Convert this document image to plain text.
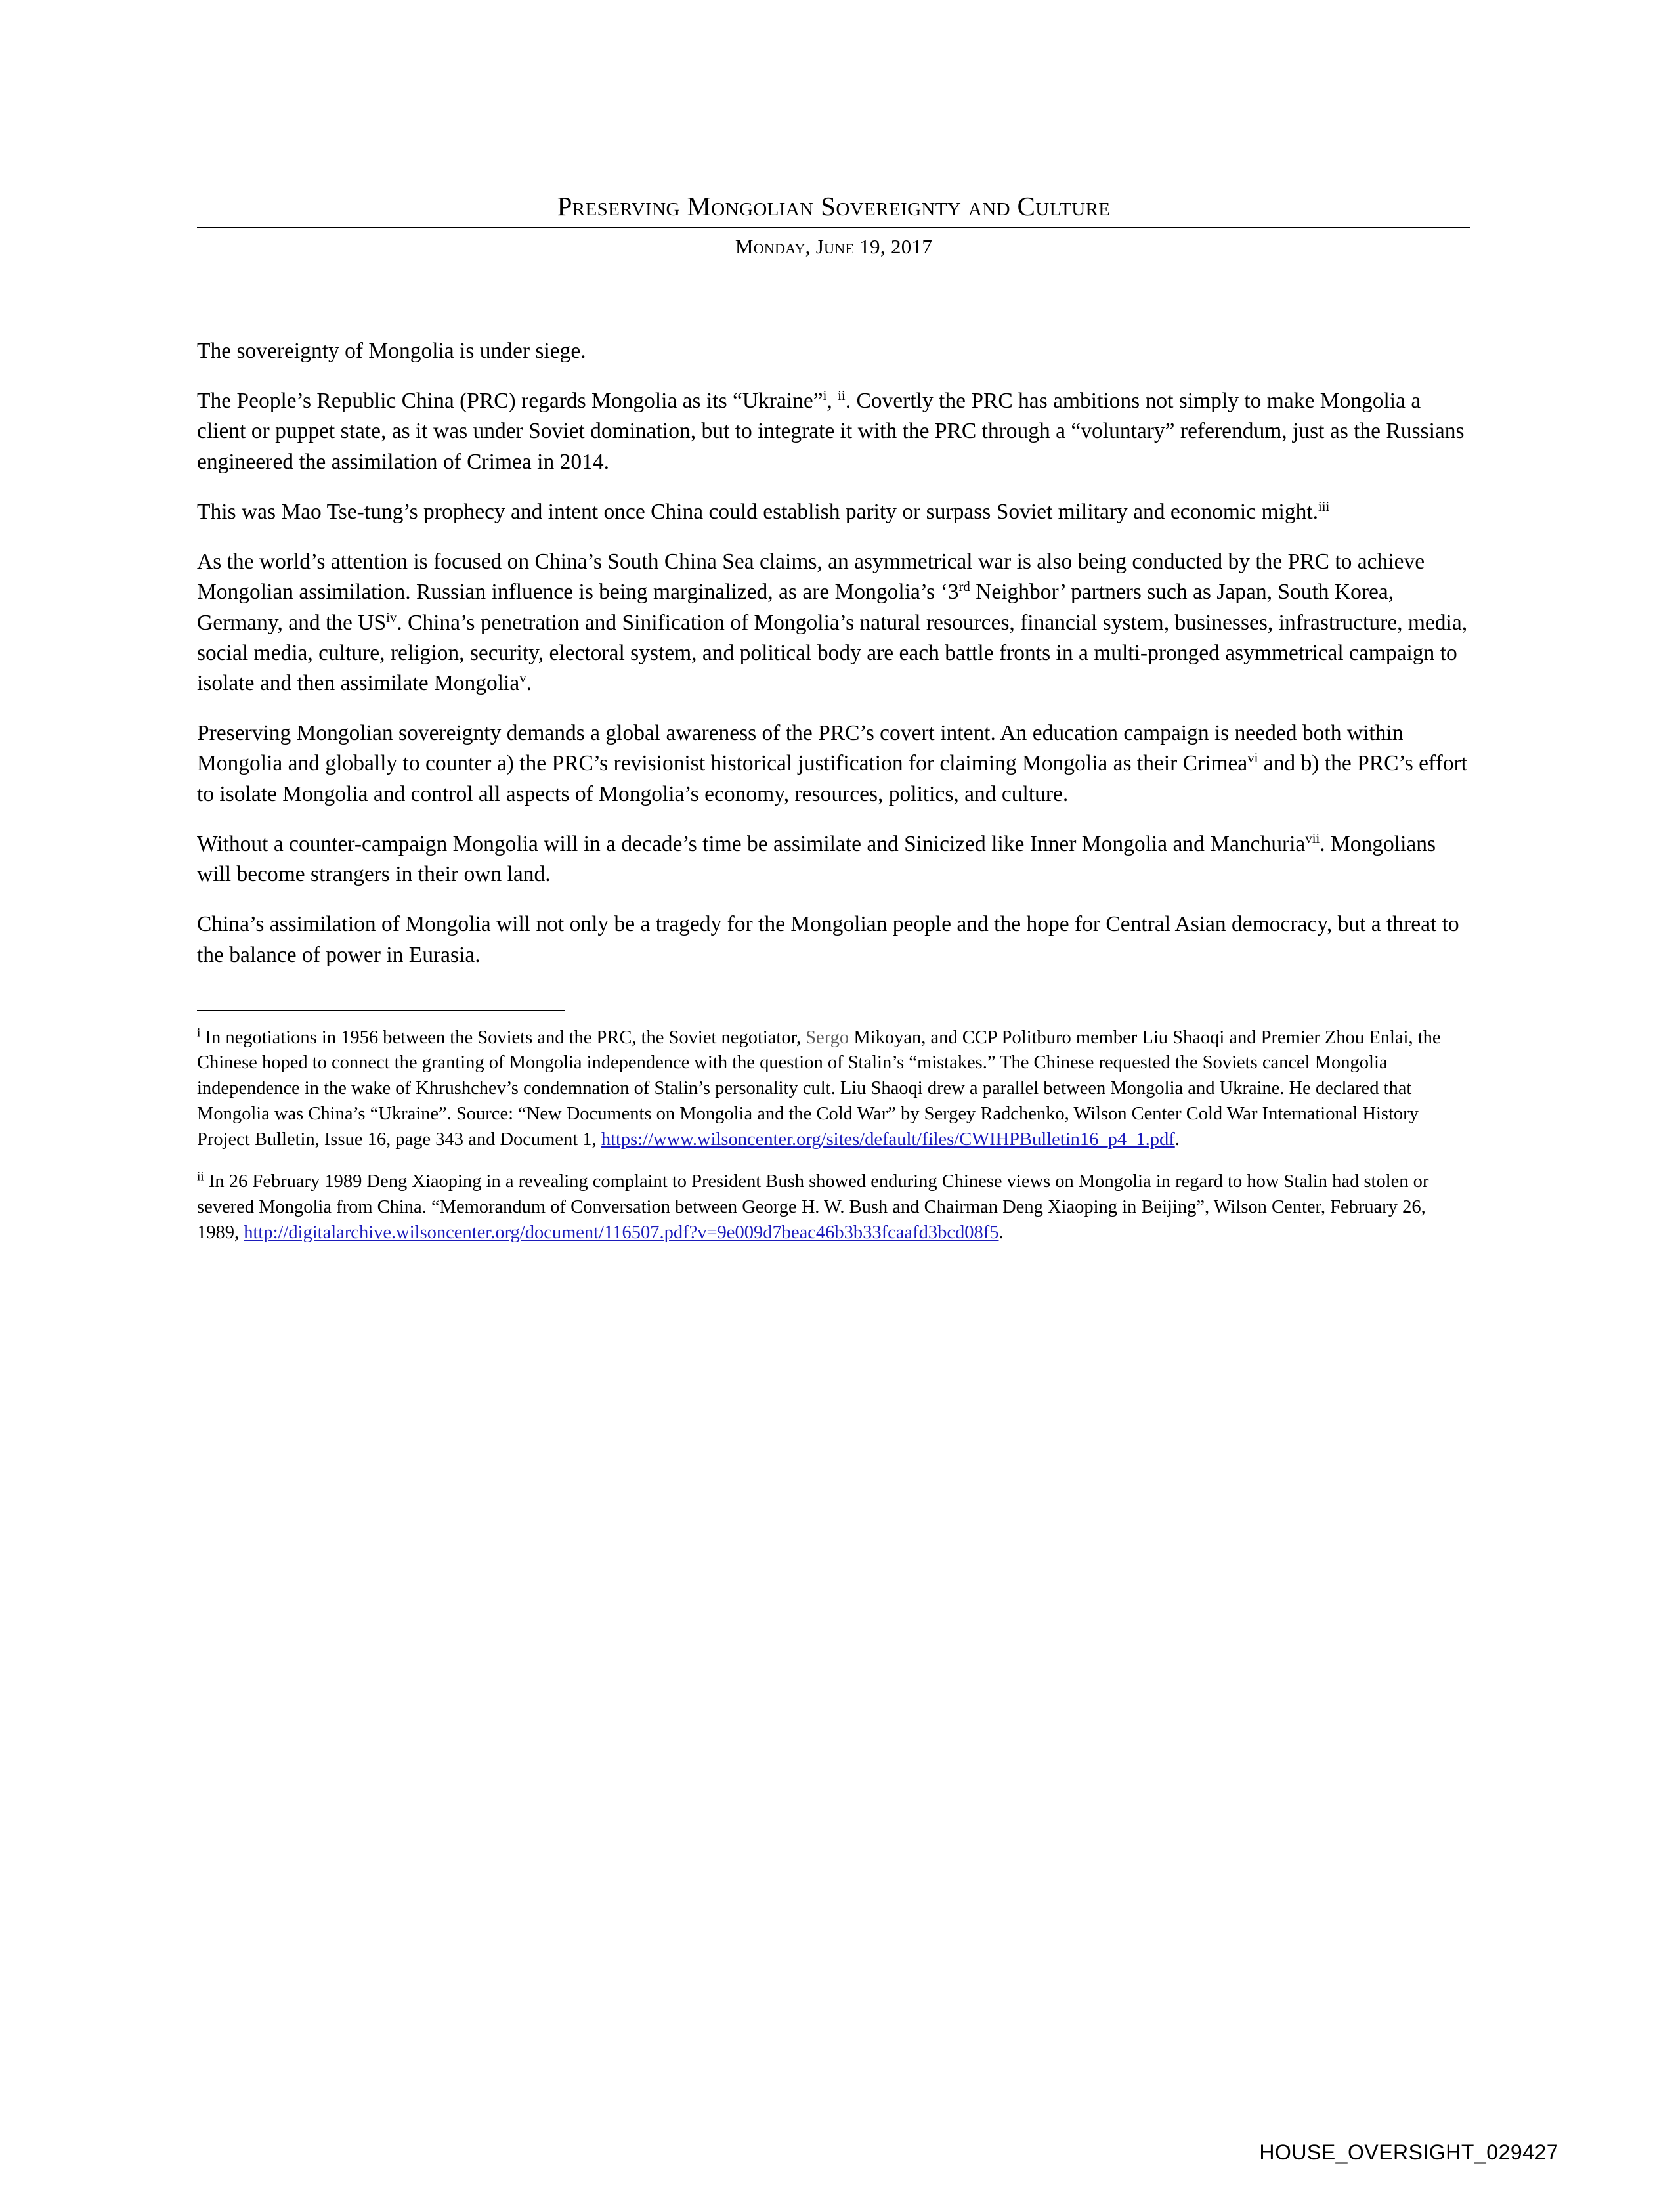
Preserving Mongolian Sovereignty and Culture
Monday, June 19, 2017

The sovereignty of Mongolia is under siege.

The People’s Republic China (PRC) regards Mongolia as its “Ukraine”$^i$, $^{ii}$. Covertly the PRC has ambitions not simply to make Mongolia a client or puppet state, as it was under Soviet domination, but to integrate it with the PRC through a “voluntary” referendum, just as the Russians engineered the assimilation of Crimea in 2014.

This was Mao Tse-tung’s prophecy and intent once China could establish parity or surpass Soviet military and economic might.$^{iii}$

As the world’s attention is focused on China’s South China Sea claims, an asymmetrical war is also being conducted by the PRC to achieve Mongolian assimilation. Russian influence is being marginalized, as are Mongolia’s ‘3rd Neighbor’ partners such as Japan, South Korea, Germany, and the US$^{iv}$. China’s penetration and Sinification of Mongolia’s natural resources, financial system, businesses, infrastructure, media, social media, culture, religion, security, electoral system, and political body are each battle fronts in a multi-pronged asymmetrical campaign to isolate and then assimilate Mongolia$^v$.

Preserving Mongolian sovereignty demands a global awareness of the PRC’s covert intent. An education campaign is needed both within Mongolia and globally to counter a) the PRC’s revisionist historical justification for claiming Mongolia as their Crimea$^{vi}$ and b) the PRC’s effort to isolate Mongolia and control all aspects of Mongolia’s economy, resources, politics, and culture.

Without a counter-campaign Mongolia will in a decade’s time be assimilate and Sinicized like Inner Mongolia and Manchuria$^{vii}$. Mongolians will become strangers in their own land.

China’s assimilation of Mongolia will not only be a tragedy for the Mongolian people and the hope for Central Asian democracy, but a threat to the balance of power in Eurasia.

$^i$ In negotiations in 1956 between the Soviets and the PRC, the Soviet negotiator, Sergo Mikoyan, and CCP Politburo member Liu Shaoqi and Premier Zhou Enlai, the Chinese hoped to connect the granting of Mongolia independence with the question of Stalin’s “mistakes.” The Chinese requested the Soviets cancel Mongolia independence in the wake of Khrushchev’s condemnation of Stalin’s personality cult. Liu Shaoqi drew a parallel between Mongolia and Ukraine. He declared that Mongolia was China’s “Ukraine”. Source: “New Documents on Mongolia and the Cold War” by Sergey Radchenko, Wilson Center Cold War International History Project Bulletin, Issue 16, page 343 and Document 1, https://www.wilsoncenter.org/sites/default/files/CWIHPBulletin16_p4_1.pdf.

$^{ii}$ In 26 February 1989 Deng Xiaoping in a revealing complaint to President Bush showed enduring Chinese views on Mongolia in regard to how Stalin had stolen or severed Mongolia from China. “Memorandum of Conversation between George H. W. Bush and Chairman Deng Xiaoping in Beijing”, Wilson Center, February 26, 1989, http://digitalarchive.wilsoncenter.org/document/116507.pdf?v=9e009d7beac46b3b33fcaafd3bcd08f5.

HOUSE_OVERSIGHT_029427
